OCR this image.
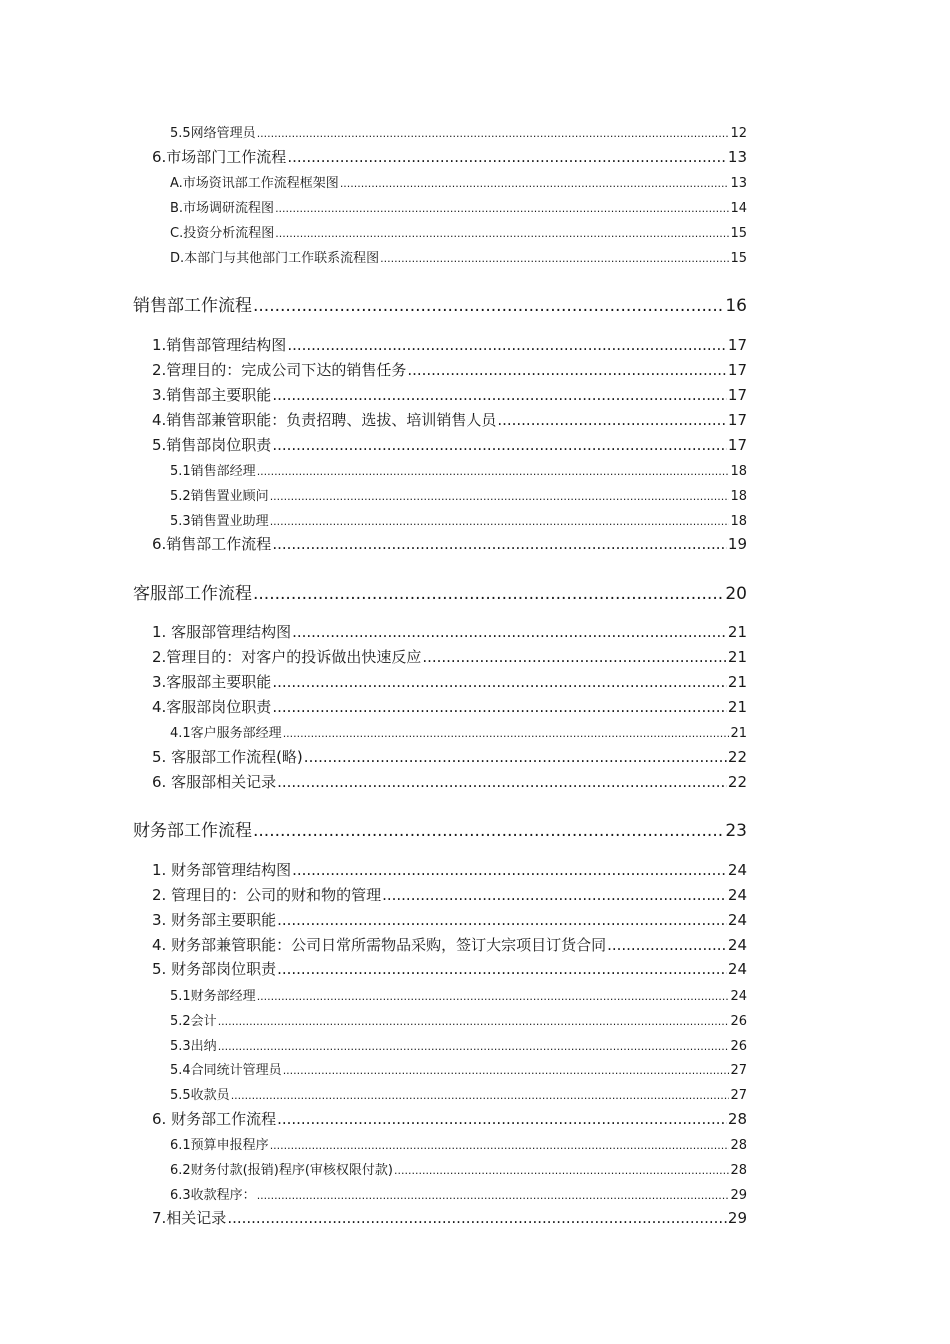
5.5网络管理员 .....	12
6.市场部门工作流程 .....	13
A.市场资讯部工作流程框架图 .....	13
B.市场调研流程图 .....	14
C.投资分析流程图 .....	15
D.本部门与其他部门工作联系流程图 .....	15
销售部工作流程 .....	16
1.销售部管理结构图 .....	17
2.管理目的：完成公司下达的销售任务 .....	17
3.销售部主要职能 .....	17
4.销售部兼管职能：负责招聘、选拔、培训销售人员 .....	17
5.销售部岗位职责 .....	17
5.1销售部经理 .....	18
5.2销售置业顾问 .....	18
5.3销售置业助理 .....	18
6.销售部工作流程 .....	19
客服部工作流程 .....	20
1. 客服部管理结构图 .....	21
2.管理目的：对客户的投诉做出快速反应 .....	21
3.客服部主要职能 .....	21
4.客服部岗位职责 .....	21
4.1客户服务部经理 .....	21
5. 客服部工作流程(略) .....	22
6. 客服部相关记录 .....	22
财务部工作流程 .....	23
1. 财务部管理结构图 .....	24
2. 管理目的：公司的财和物的管理 .....	24
3. 财务部主要职能 .....	24
4. 财务部兼管职能：公司日常所需物品采购，签订大宗项目订货合同 .....	24
5. 财务部岗位职责 .....	24
5.1财务部经理 .....	24
5.2会计 .....	26
5.3出纳 .....	26
5.4合同统计管理员 .....	27
5.5收款员 .....	27
6. 财务部工作流程 .....	28
6.1预算申报程序 .....	28
6.2财务付款(报销)程序(审核权限付款) .....	28
6.3收款程序： .....	29
7.相关记录 .....	29
